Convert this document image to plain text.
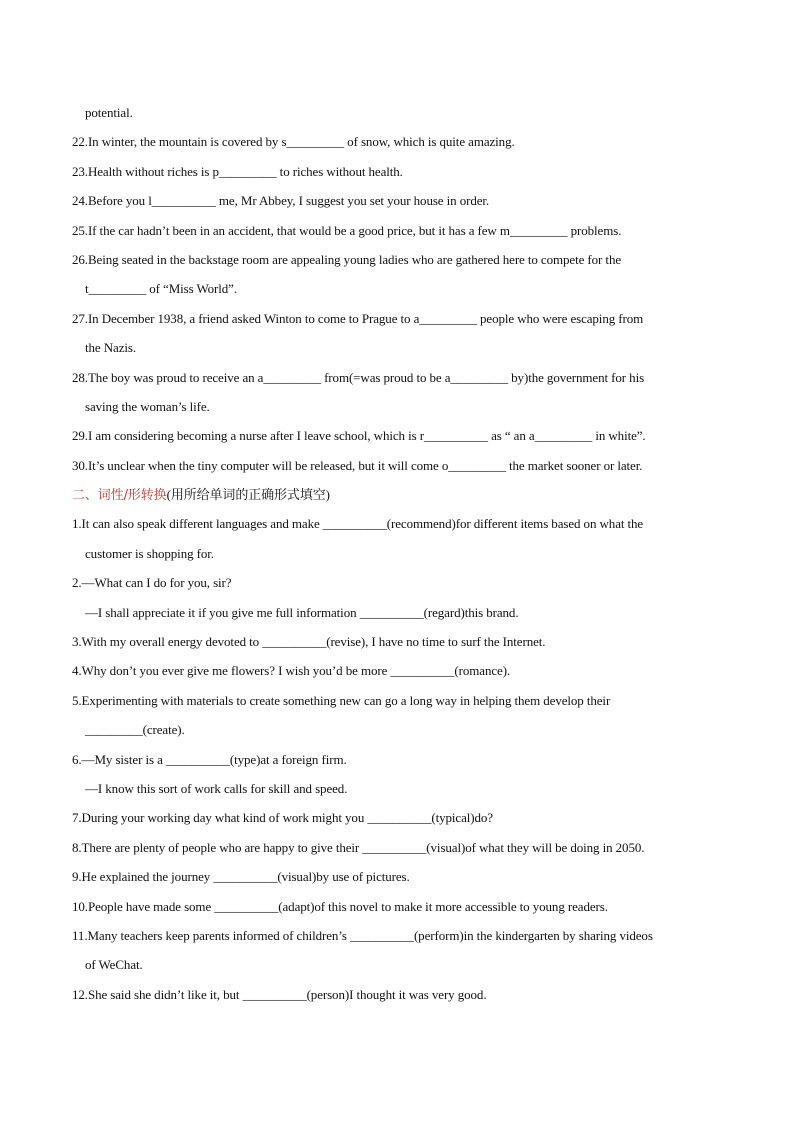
potential.
22.In winter, the mountain is covered by s_________ of snow, which is quite amazing.
23.Health without riches is p_________ to riches without health.
24.Before you l__________ me, Mr Abbey, I suggest you set your house in order.
25.If the car hadn’t been in an accident, that would be a good price, but it has a few m_________ problems.
26.Being seated in the backstage room are appealing young ladies who are gathered here to compete for the
t_________ of “Miss World”.
27.In December 1938, a friend asked Winton to come to Prague to a_________ people who were escaping from
the Nazis.
28.The boy was proud to receive an a_________ from(=was proud to be a_________ by)the government for his
saving the woman’s life.
29.I am considering becoming a nurse after I leave school, which is r__________ as “ an a_________ in white”.
30.It’s unclear when the tiny computer will be released, but it will come o_________ the market sooner or later.
二、词性/形转换(用所给单词的正确形式填空)
1.It can also speak different languages and make __________(recommend)for different items based on what the
customer is shopping for.
2.—What can I do for you, sir?
—I shall appreciate it if you give me full information __________(regard)this brand.
3.With my overall energy devoted to __________(revise), I have no time to surf the Internet.
4.Why don’t you ever give me flowers? I wish you’d be more __________(romance).
5.Experimenting with materials to create something new can go a long way in helping them develop their
_________(create).
6.—My sister is a __________(type)at a foreign firm.
—I know this sort of work calls for skill and speed.
7.During your working day what kind of work might you __________(typical)do?
8.There are plenty of people who are happy to give their __________(visual)of what they will be doing in 2050.
9.He explained the journey __________(visual)by use of pictures.
10.People have made some __________(adapt)of this novel to make it more accessible to young readers.
11.Many teachers keep parents informed of children’s __________(perform)in the kindergarten by sharing videos
of WeChat.
12.She said she didn’t like it, but __________(person)I thought it was very good.
